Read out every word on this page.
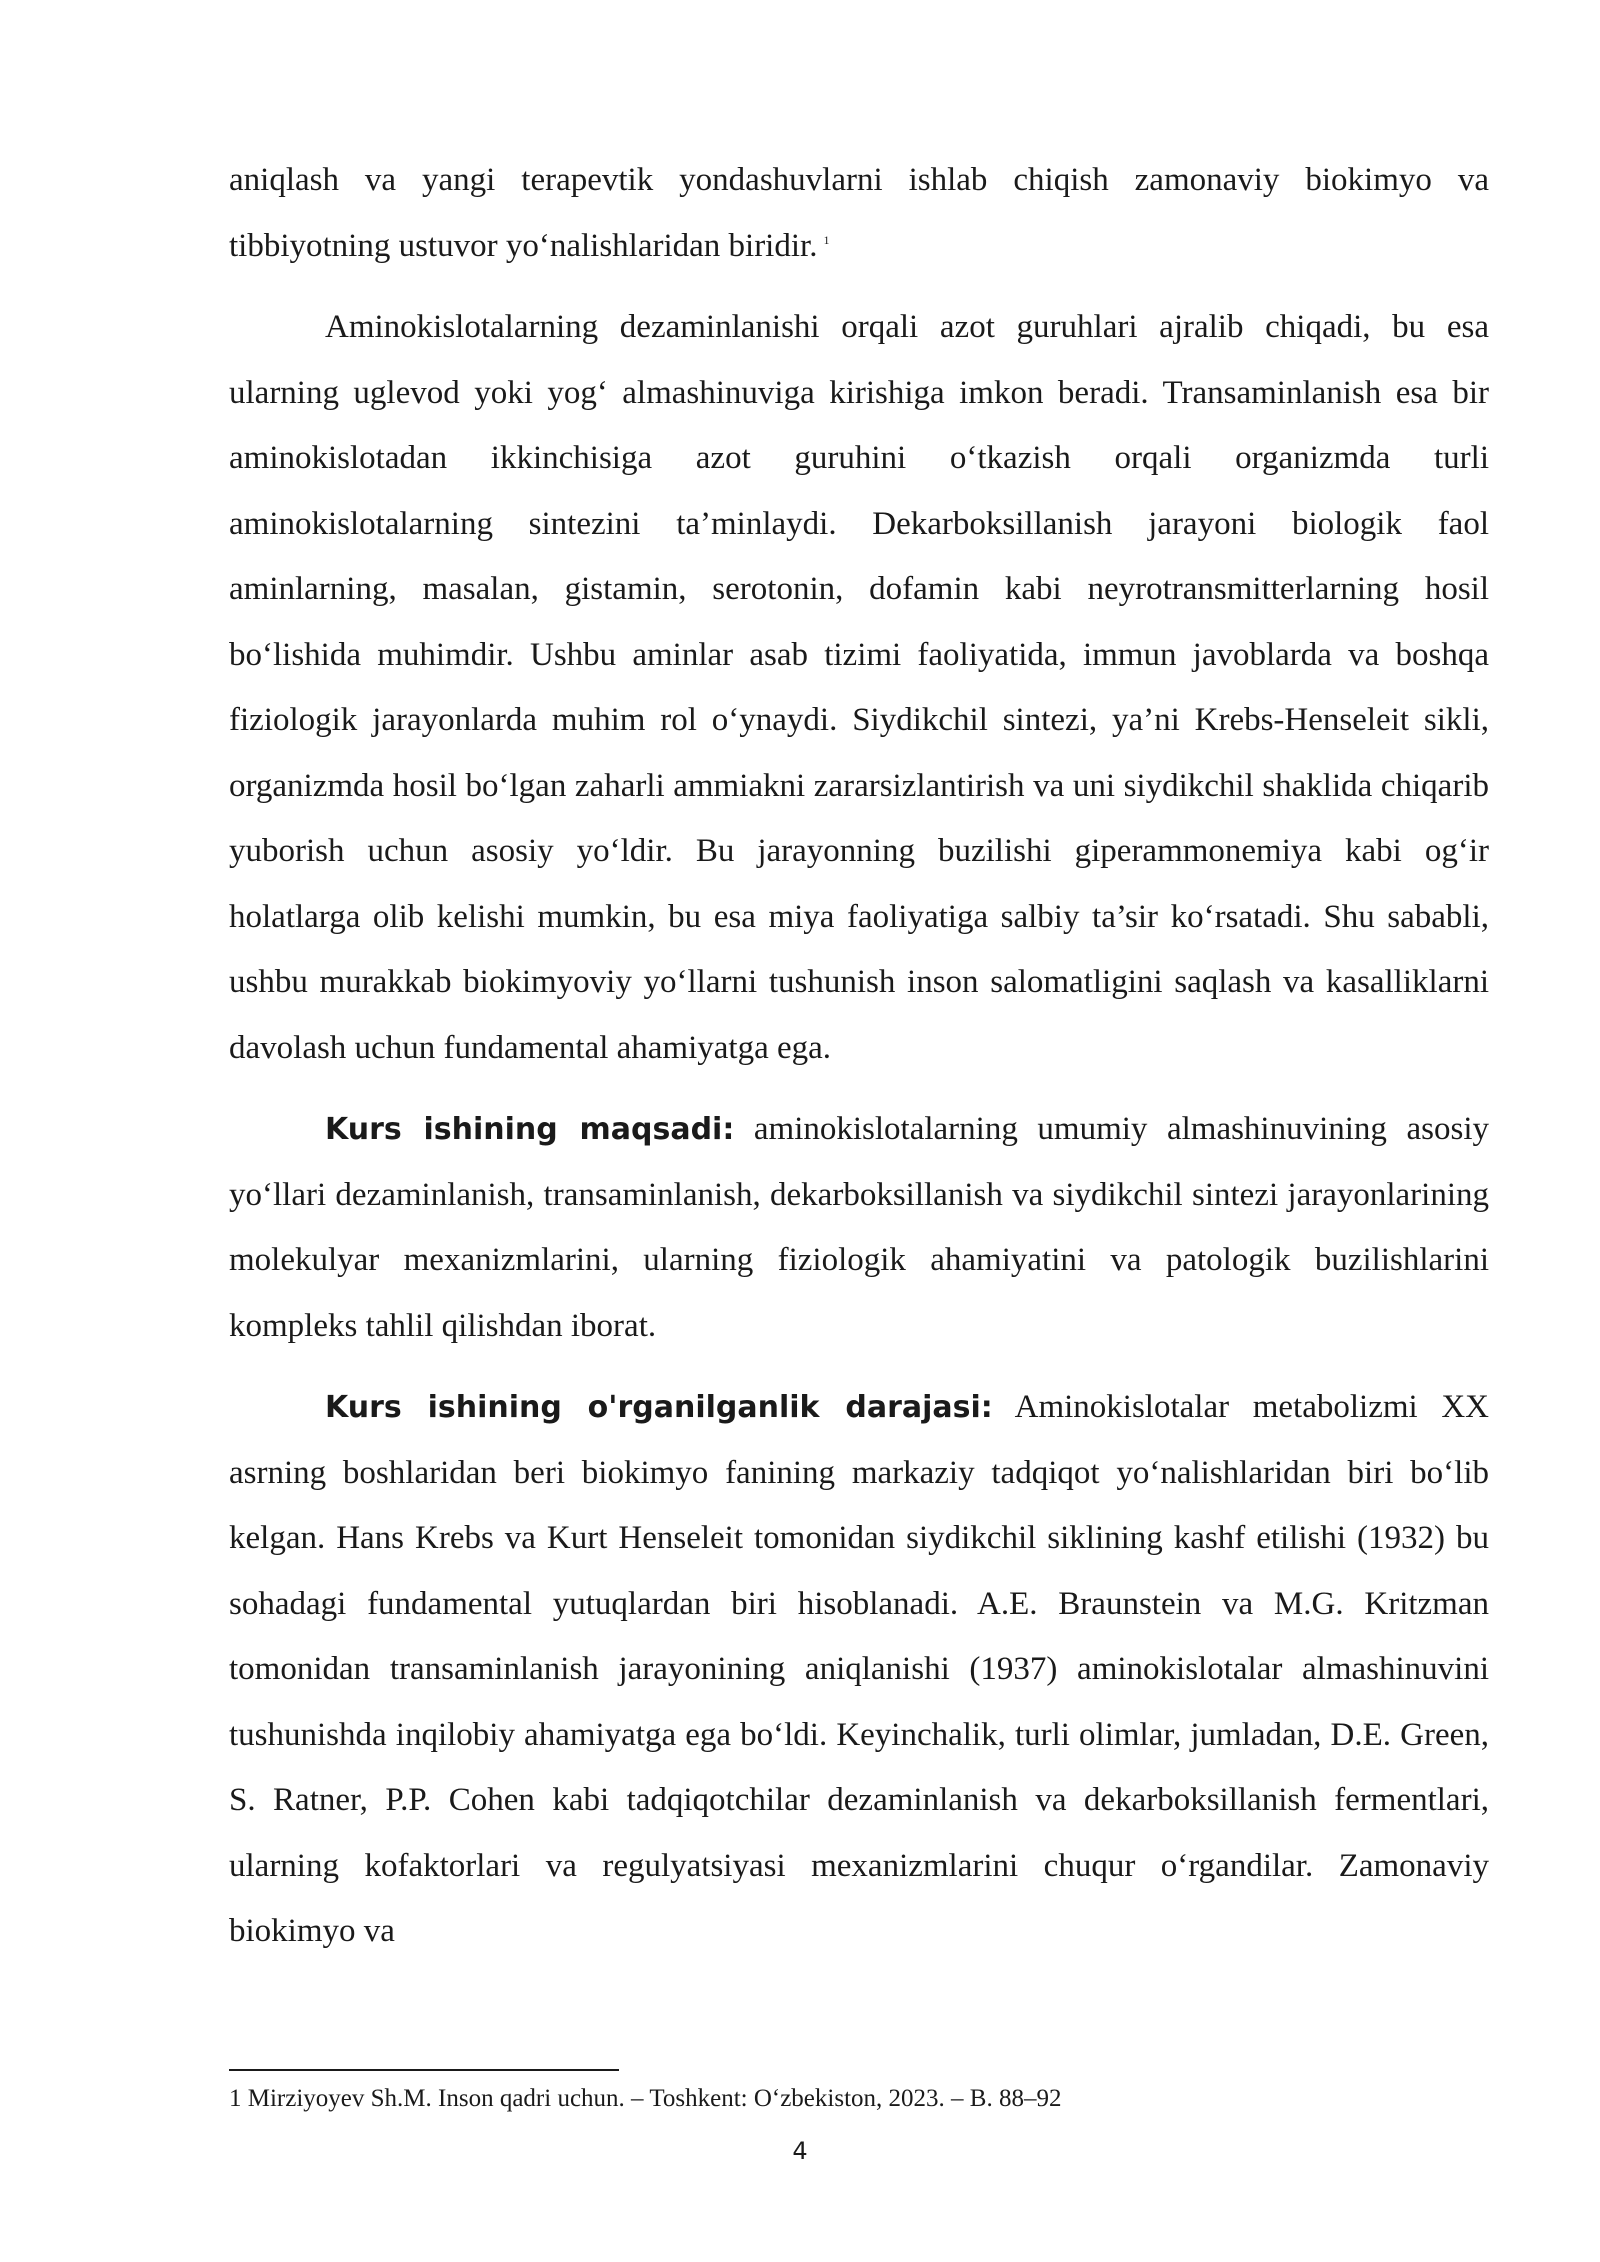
aniqlash va yangi terapevtik yondashuvlarni ishlab chiqish zamonaviy biokimyo va tibbiyotning ustuvor yo‘nalishlaridan biridir. $^1$

Aminokislotalarning dezaminlanishi orqali azot guruhlari ajralib chiqadi, bu esa ularning uglevod yoki yog‘ almashinuviga kirishiga imkon beradi. Transaminlanish esa bir aminokislotadan ikkinchisiga azot guruhini o‘tkazish orqali organizmda turli aminokislotalarning sintezini ta’minlaydi. Dekarboksillanish jarayoni biologik faol aminlarning, masalan, gistamin, serotonin, dofamin kabi neyrotransmitterlarning hosil bo‘lishida muhimdir. Ushbu aminlar asab tizimi faoliyatida, immun javoblarda va boshqa fiziologik jarayonlarda muhim rol o‘ynaydi. Siydikchil sintezi, ya’ni Krebs-Henseleit sikli, organizmda hosil bo‘lgan zaharli ammiakni zararsizlantirish va uni siydikchil shaklida chiqarib yuborish uchun asosiy yo‘ldir. Bu jarayonning buzilishi giperammonemiya kabi og‘ir holatlarga olib kelishi mumkin, bu esa miya faoliyatiga salbiy ta’sir ko‘rsatadi. Shu sababli, ushbu murakkab biokimyoviy yo‘llarni tushunish inson salomatligini saqlash va kasalliklarni davolash uchun fundamental ahamiyatga ega.

Kurs ishining maqsadi: aminokislotalarning umumiy almashinuvining asosiy yo‘llari dezaminlanish, transaminlanish, dekarboksillanish va siydikchil sintezi jarayonlarining molekulyar mexanizmlarini, ularning fiziologik ahamiyatini va patologik buzilishlarini kompleks tahlil qilishdan iborat.

Kurs ishining o'rganilganlik darajasi: Aminokislotalar metabolizmi XX asrning boshlaridan beri biokimyo fanining markaziy tadqiqot yo‘nalishlaridan biri bo‘lib kelgan. Hans Krebs va Kurt Henseleit tomonidan siydikchil siklining kashf etilishi (1932) bu sohadagi fundamental yutuqlardan biri hisoblanadi. A.E. Braunstein va M.G. Kritzman tomonidan transaminlanish jarayonining aniqlanishi (1937) aminokislotalar almashinuvini tushunishda inqilobiy ahamiyatga ega bo‘ldi. Keyinchalik, turli olimlar, jumladan, D.E. Green, S. Ratner, P.P. Cohen kabi tadqiqotchilar dezaminlanish va dekarboksillanish fermentlari, ularning kofaktorlari va regulyatsiyasi mexanizmlarini chuqur o‘rgandilar. Zamonaviy biokimyo va

1 Mirziyoyev Sh.M. Inson qadri uchun. – Toshkent: O‘zbekiston, 2023. – B. 88–92
4
